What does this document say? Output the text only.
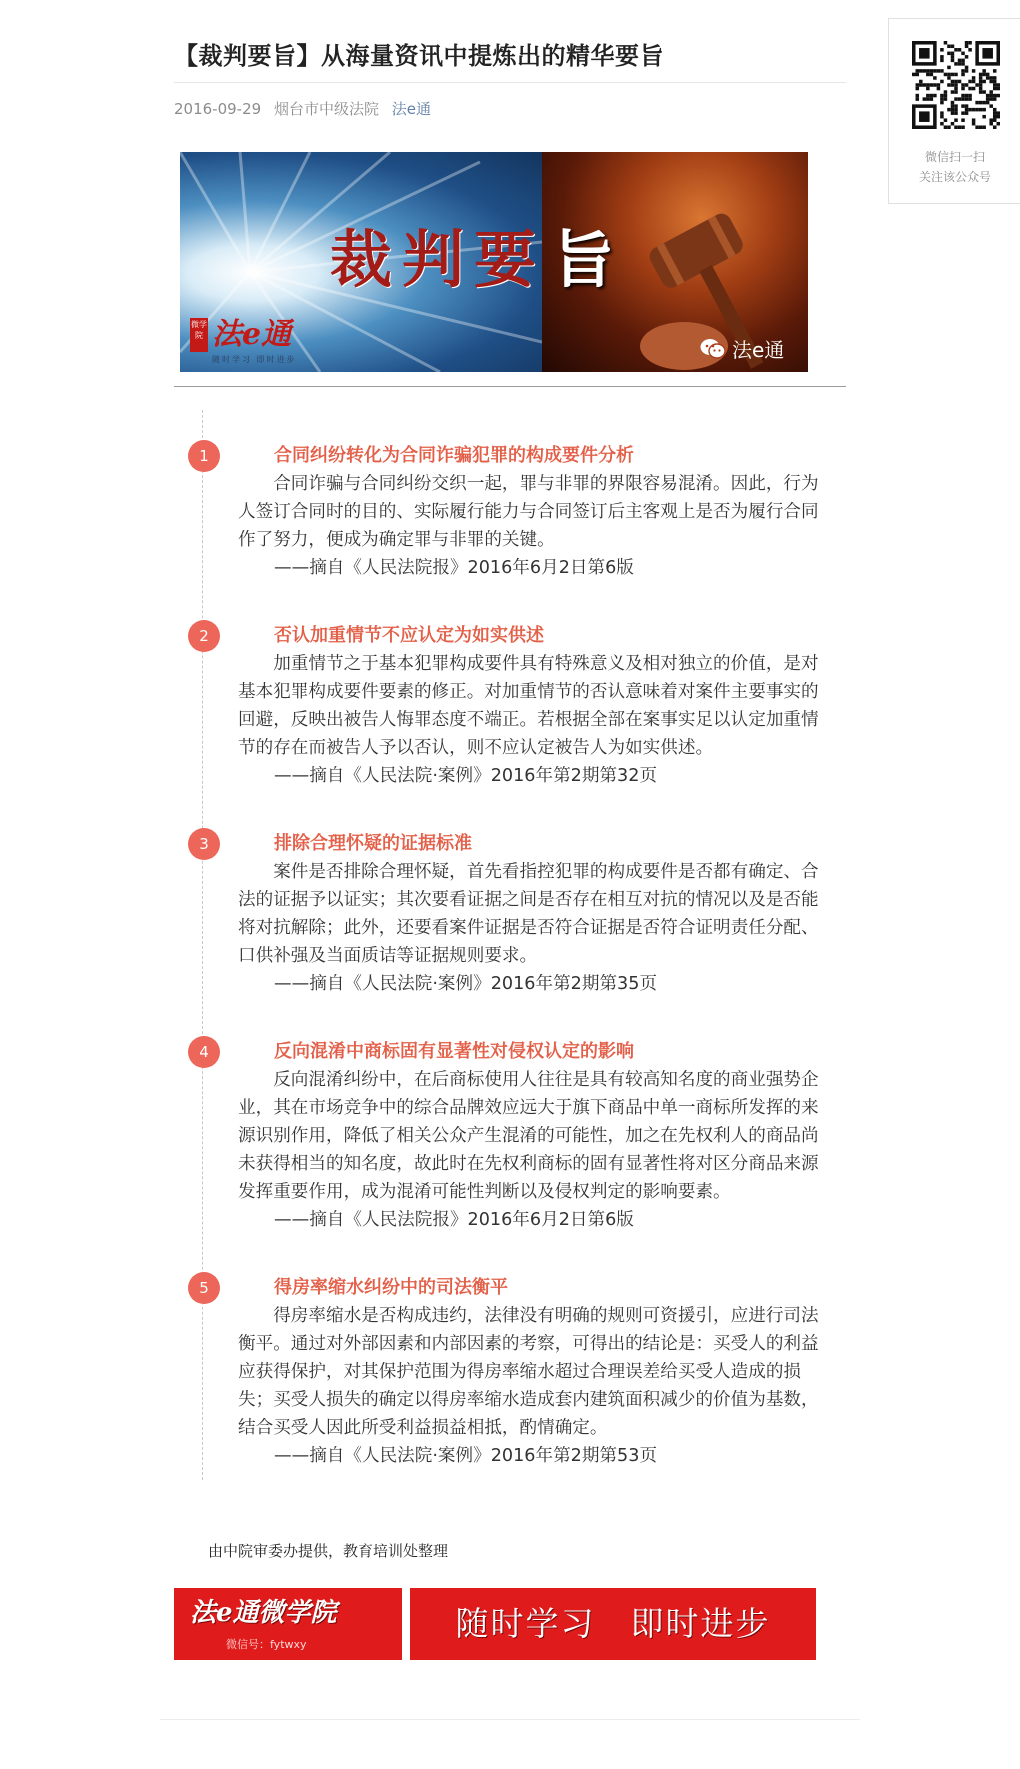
【裁判要旨】从海量资讯中提炼出的精华要旨
2016-09-29 烟台市中级法院 法e通
裁判要 旨
微学院 法e通
随时学习 即时进步	法e通
1	合同纠纷转化为合同诈骗犯罪的构成要件分析
合同诈骗与合同纠纷交织一起，罪与非罪的界限容易混淆。因此，行为人签订合同时的目的、实际履行能力与合同签订后主客观上是否为履行合同作了努力，便成为确定罪与非罪的关键。
——摘自《人民法院报》2016年6月2日第6版
2	否认加重情节不应认定为如实供述
加重情节之于基本犯罪构成要件具有特殊意义及相对独立的价值，是对基本犯罪构成要件要素的修正。对加重情节的否认意味着对案件主要事实的回避，反映出被告人悔罪态度不端正。若根据全部在案事实足以认定加重情节的存在而被告人予以否认，则不应认定被告人为如实供述。
——摘自《人民法院·案例》2016年第2期第32页
3	排除合理怀疑的证据标准
案件是否排除合理怀疑，首先看指控犯罪的构成要件是否都有确定、合法的证据予以证实；其次要看证据之间是否存在相互对抗的情况以及是否能将对抗解除；此外，还要看案件证据是否符合证据是否符合证明责任分配、口供补强及当面质诘等证据规则要求。
——摘自《人民法院·案例》2016年第2期第35页
4	反向混淆中商标固有显著性对侵权认定的影响
反向混淆纠纷中，在后商标使用人往往是具有较高知名度的商业强势企业，其在市场竞争中的综合品牌效应远大于旗下商品中单一商标所发挥的来源识别作用，降低了相关公众产生混淆的可能性，加之在先权利人的商品尚未获得相当的知名度，故此时在先权利商标的固有显著性将对区分商品来源发挥重要作用，成为混淆可能性判断以及侵权判定的影响要素。
——摘自《人民法院报》2016年6月2日第6版
5	得房率缩水纠纷中的司法衡平
得房率缩水是否构成违约，法律没有明确的规则可资援引，应进行司法衡平。通过对外部因素和内部因素的考察，可得出的结论是：买受人的利益应获得保护，对其保护范围为得房率缩水超过合理误差给买受人造成的损失；买受人损失的确定以得房率缩水造成套内建筑面积减少的价值为基数，结合买受人因此所受利益损益相抵，酌情确定。
——摘自《人民法院·案例》2016年第2期第53页
由中院审委办提供，教育培训处整理
法e通微学院
微信号：fytwxy
随时学习　即时进步
微信扫一扫
关注该公众号
